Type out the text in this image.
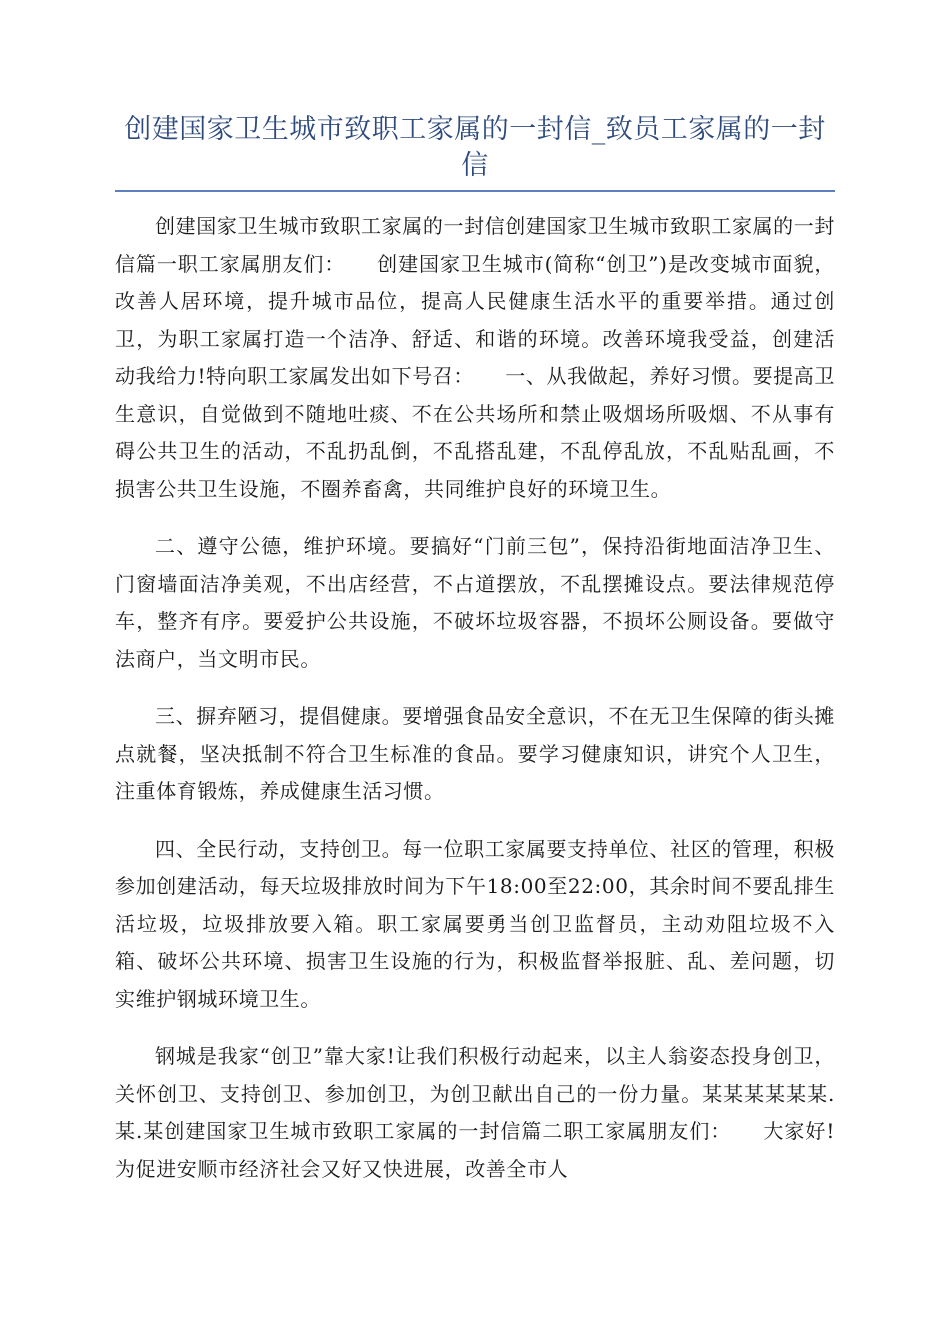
创建国家卫生城市致职工家属的一封信_致员工家属的一封信

创建国家卫生城市致职工家属的一封信创建国家卫生城市致职工家属的一封信篇一职工家属朋友们：　　创建国家卫生城市(简称“创卫”)是改变城市面貌，改善人居环境，提升城市品位，提高人民健康生活水平的重要举措。通过创卫，为职工家属打造一个洁净、舒适、和谐的环境。改善环境我受益，创建活动我给力!特向职工家属发出如下号召：　　一、从我做起，养好习惯。要提高卫生意识，自觉做到不随地吐痰、不在公共场所和禁止吸烟场所吸烟、不从事有碍公共卫生的活动，不乱扔乱倒，不乱搭乱建，不乱停乱放，不乱贴乱画，不损害公共卫生设施，不圈养畜禽，共同维护良好的环境卫生。

二、遵守公德，维护环境。要搞好“门前三包”，保持沿街地面洁净卫生、门窗墙面洁净美观，不出店经营，不占道摆放，不乱摆摊设点。要法律规范停车，整齐有序。要爱护公共设施，不破坏垃圾容器，不损坏公厕设备。要做守法商户，当文明市民。

三、摒弃陋习，提倡健康。要增强食品安全意识，不在无卫生保障的街头摊点就餐，坚决抵制不符合卫生标准的食品。要学习健康知识，讲究个人卫生，注重体育锻炼，养成健康生活习惯。

四、全民行动，支持创卫。每一位职工家属要支持单位、社区的管理，积极参加创建活动，每天垃圾排放时间为下午18:00至22:00，其余时间不要乱排生活垃圾，垃圾排放要入箱。职工家属要勇当创卫监督员，主动劝阻垃圾不入箱、破坏公共环境、损害卫生设施的行为，积极监督举报脏、乱、差问题，切实维护钢城环境卫生。

钢城是我家“创卫”靠大家!让我们积极行动起来，以主人翁姿态投身创卫，关怀创卫、支持创卫、参加创卫，为创卫献出自己的一份力量。某某某某某某.某.某创建国家卫生城市致职工家属的一封信篇二职工家属朋友们：　　大家好!为促进安顺市经济社会又好又快进展，改善全市人
